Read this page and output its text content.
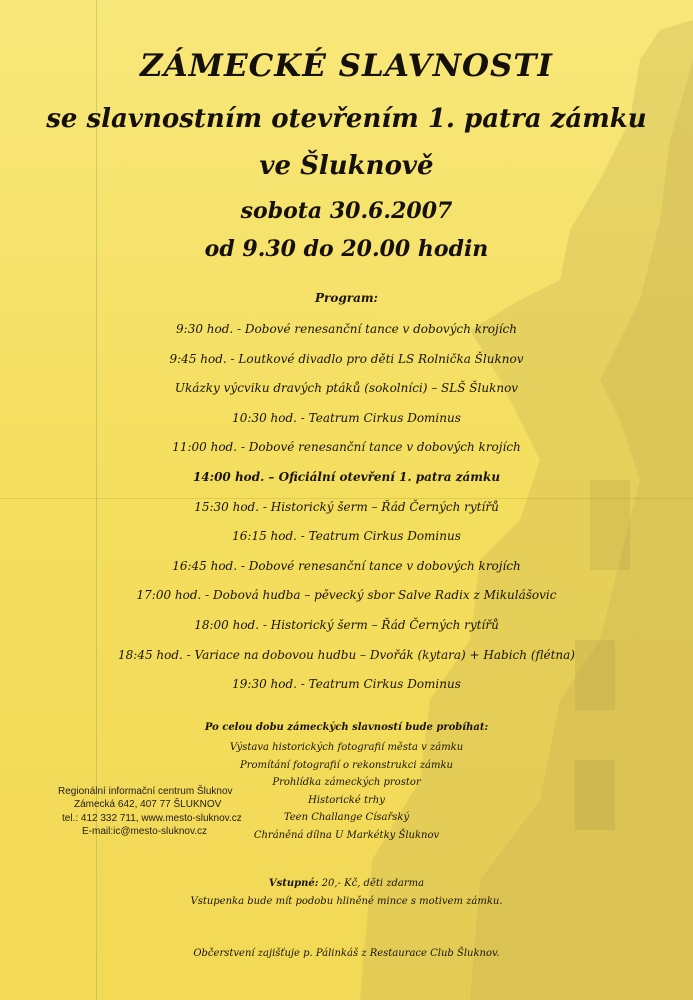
ZÁMECKÉ SLAVNOSTI
se slavnostním otevřením 1. patra zámku
ve Šluknově
sobota 30.6.2007
od 9.30 do 20.00 hodin
Program:
9:30 hod. - Dobové renesanční tance v dobových krojích
9:45 hod. - Loutkové divadlo pro děti LS Rolnička Šluknov
Ukázky výcviku dravých ptáků (sokolníci) – SLŠ Šluknov
10:30 hod. - Teatrum Cirkus Dominus
11:00 hod. - Dobové renesanční tance v dobových krojích
14:00 hod. – Oficiální otevření 1. patra zámku
15:30 hod. - Historický šerm – Řád Černých rytířů
16:15 hod. - Teatrum Cirkus Dominus
16:45 hod. - Dobové renesanční tance v dobových krojích
17:00 hod. - Dobová hudba – pěvecký sbor Salve Radix z Mikulášovic
18:00 hod. - Historický šerm – Řád Černých rytířů
18:45 hod. - Variace na dobovou hudbu – Dvořák (kytara) + Habich (flétna)
19:30 hod. - Teatrum Cirkus Dominus
Po celou dobu zámeckých slavností bude probíhat:
Výstava historických fotografií města v zámku
Promítání fotografií o rekonstrukci zámku
Prohlídka zámeckých prostor
Historické trhy
Teen Challange Císařský
Chráněná dílna U Markétky Šluknov
Regionální informační centrum Šluknov
Zámecká 642, 407 77 ŠLUKNOV
tel.: 412 332 711, www.mesto-sluknov.cz
E-mail:ic@mesto-sluknov.cz
Vstupné: 20,- Kč, děti zdarma
Vstupenka bude mít podobu hliněné mince s motivem zámku.
Občerstvení zajišťuje p. Pálinkáš z Restaurace Club Šluknov.
